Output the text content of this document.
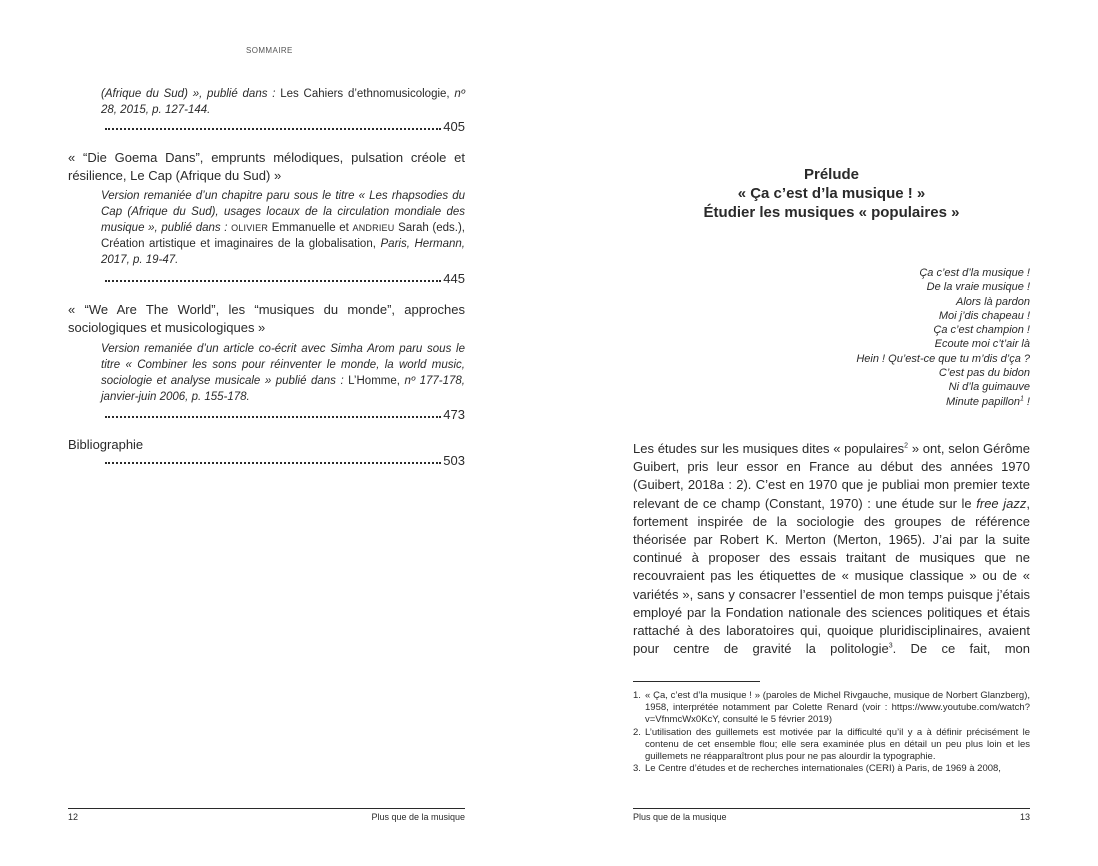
SOMMAIRE
(Afrique du Sud) », publié dans : Les Cahiers d’ethnomusicologie, nº 28, 2015, p. 127-144.
405
« “Die Goema Dans”, emprunts mélodiques, pulsation créole et résilience, Le Cap (Afrique du Sud) »
Version remaniée d’un chapitre paru sous le titre « Les rhapsodies du Cap (Afrique du Sud), usages locaux de la circulation mondiale des musique », publié dans : OLIVIER Emmanuelle et ANDRIEU Sarah (eds.), Création artistique et imaginaires de la globalisation, Paris, Hermann, 2017, p. 19-47.
445
« “We Are The World”, les “musiques du monde”, approches sociologiques et musicologiques »
Version remaniée d’un article co-écrit avec Simha Arom paru sous le titre « Combiner les sons pour réinventer le monde, la world music, sociologie et analyse musicale » publié dans : L’Homme, nº 177-178, janvier-juin 2006, p. 155-178.
473
Bibliographie
503
12	Plus que de la musique
Prélude
« Ça c’est d’la musique ! »
Étudier les musiques « populaires »
Ça c’est d’la musique !
De la vraie musique !
Alors là pardon
Moi j’dis chapeau !
Ça c’est champion !
Ecoute moi c’t’air là
Hein ! Qu’est-ce que tu m’dis d’ça ?
C’est pas du bidon
Ni d’la guimauve
Minute papillon$^1$ !

Les études sur les musiques dites « populaires$^2$ » ont, selon Gérôme Guibert, pris leur essor en France au début des années 1970 (Guibert, 2018a : 2). C’est en 1970 que je publiai mon premier texte relevant de ce champ (Constant, 1970) : une étude sur le free jazz, fortement inspirée de la sociologie des groupes de référence théorisée par Robert K. Merton (Merton, 1965). J’ai par la suite continué à proposer des essais traitant de musiques que ne recouvraient pas les étiquettes de « musique classique » ou de « variétés », sans y consacrer l’essentiel de mon temps puisque j’étais employé par la Fondation nationale des sciences politiques et étais rattaché à des laboratoires qui, quoique pluridisciplinaires, avaient pour centre de gravité la politologie$^3$. De ce fait, mon

1. « Ça, c’est d’la musique ! » (paroles de Michel Rivgauche, musique de Norbert Glanzberg), 1958, interprétée notamment par Colette Renard (voir : https://www.youtube.com/watch?v=VfnmcWx0KcY, consulté le 5 février 2019)
2. L’utilisation des guillemets est motivée par la difficulté qu’il y a à définir précisément le contenu de cet ensemble flou; elle sera examinée plus en détail un peu plus loin et les guillemets ne réapparaîtront plus pour ne pas alourdir la typographie.
3. Le Centre d’études et de recherches internationales (CERI) à Paris, de 1969 à 2008,
Plus que de la musique	13
